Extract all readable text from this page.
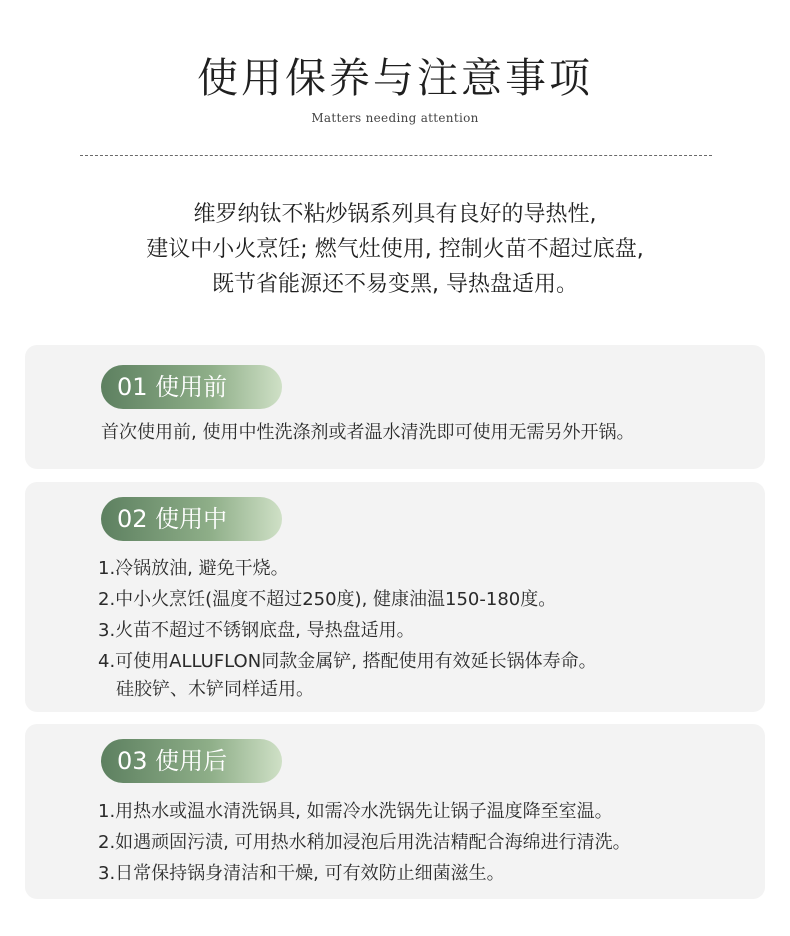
使用保养与注意事项
Matters needing attention
维罗纳钛不粘炒锅系列具有良好的导热性,
建议中小火烹饪; 燃气灶使用, 控制火苗不超过底盘,
既节省能源还不易变黑, 导热盘适用。
01 使用前
首次使用前, 使用中性洗涤剂或者温水清洗即可使用无需另外开锅。
02 使用中
1.冷锅放油, 避免干烧。
2.中小火烹饪(温度不超过250度), 健康油温150-180度。
3.火苗不超过不锈钢底盘, 导热盘适用。
4.可使用ALLUFLON同款金属铲, 搭配使用有效延长锅体寿命。
硅胶铲、木铲同样适用。
03 使用后
1.用热水或温水清洗锅具, 如需冷水洗锅先让锅子温度降至室温。
2.如遇顽固污渍, 可用热水稍加浸泡后用洗洁精配合海绵进行清洗。
3.日常保持锅身清洁和干燥, 可有效防止细菌滋生。
